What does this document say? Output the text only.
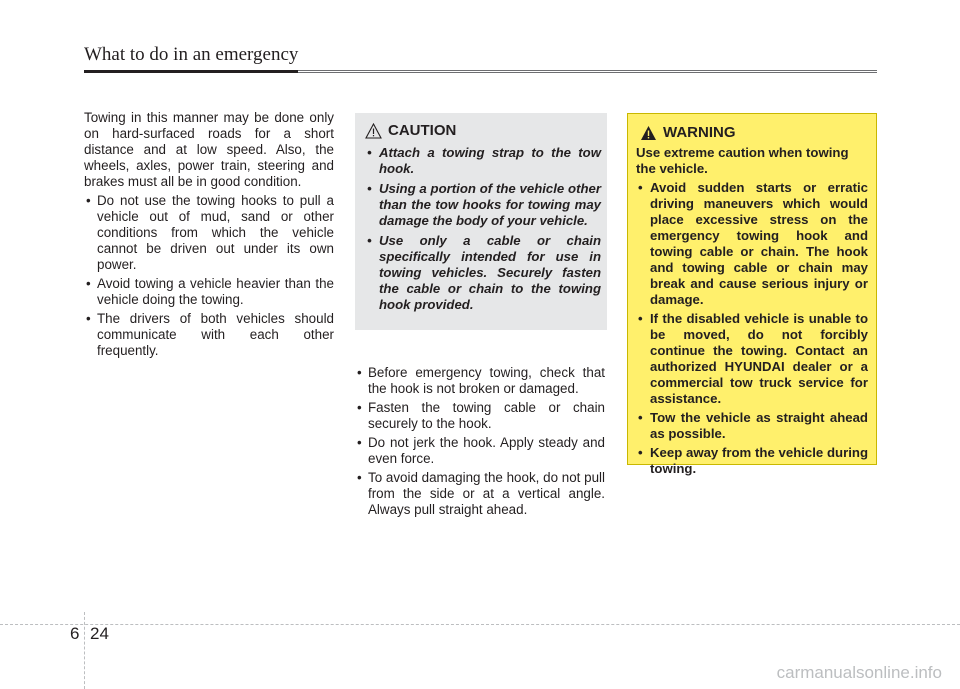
What to do in an emergency

Towing in this manner may be done only on hard-surfaced roads for a short distance and at low speed. Also, the wheels, axles, power train, steering and brakes must all be in good condition.

• Do not use the towing hooks to pull a vehicle out of mud, sand or other conditions from which the vehicle cannot be driven out under its own power.
• Avoid towing a vehicle heavier than the vehicle doing the towing.
• The drivers of both vehicles should communicate with each other frequently.
CAUTION
• Attach a towing strap to the tow hook.
• Using a portion of the vehicle other than the tow hooks for towing may damage the body of your vehicle.
• Use only a cable or chain specifically intended for use in towing vehicles. Securely fasten the cable or chain to the towing hook provided.
• Before emergency towing, check that the hook is not broken or damaged.
• Fasten the towing cable or chain securely to the hook.
• Do not jerk the hook. Apply steady and even force.
• To avoid damaging the hook, do not pull from the side or at a vertical angle. Always pull straight ahead.
WARNING

Use extreme caution when towing the vehicle.

• Avoid sudden starts or erratic driving maneuvers which would place excessive stress on the emergency towing hook and towing cable or chain. The hook and towing cable or chain may break and cause serious injury or damage.
• If the disabled vehicle is unable to be moved, do not forcibly continue the towing. Contact an authorized HYUNDAI dealer or a commercial tow truck service for assistance.
• Tow the vehicle as straight ahead as possible.
• Keep away from the vehicle during towing.
6 24
carmanualsonline.info
